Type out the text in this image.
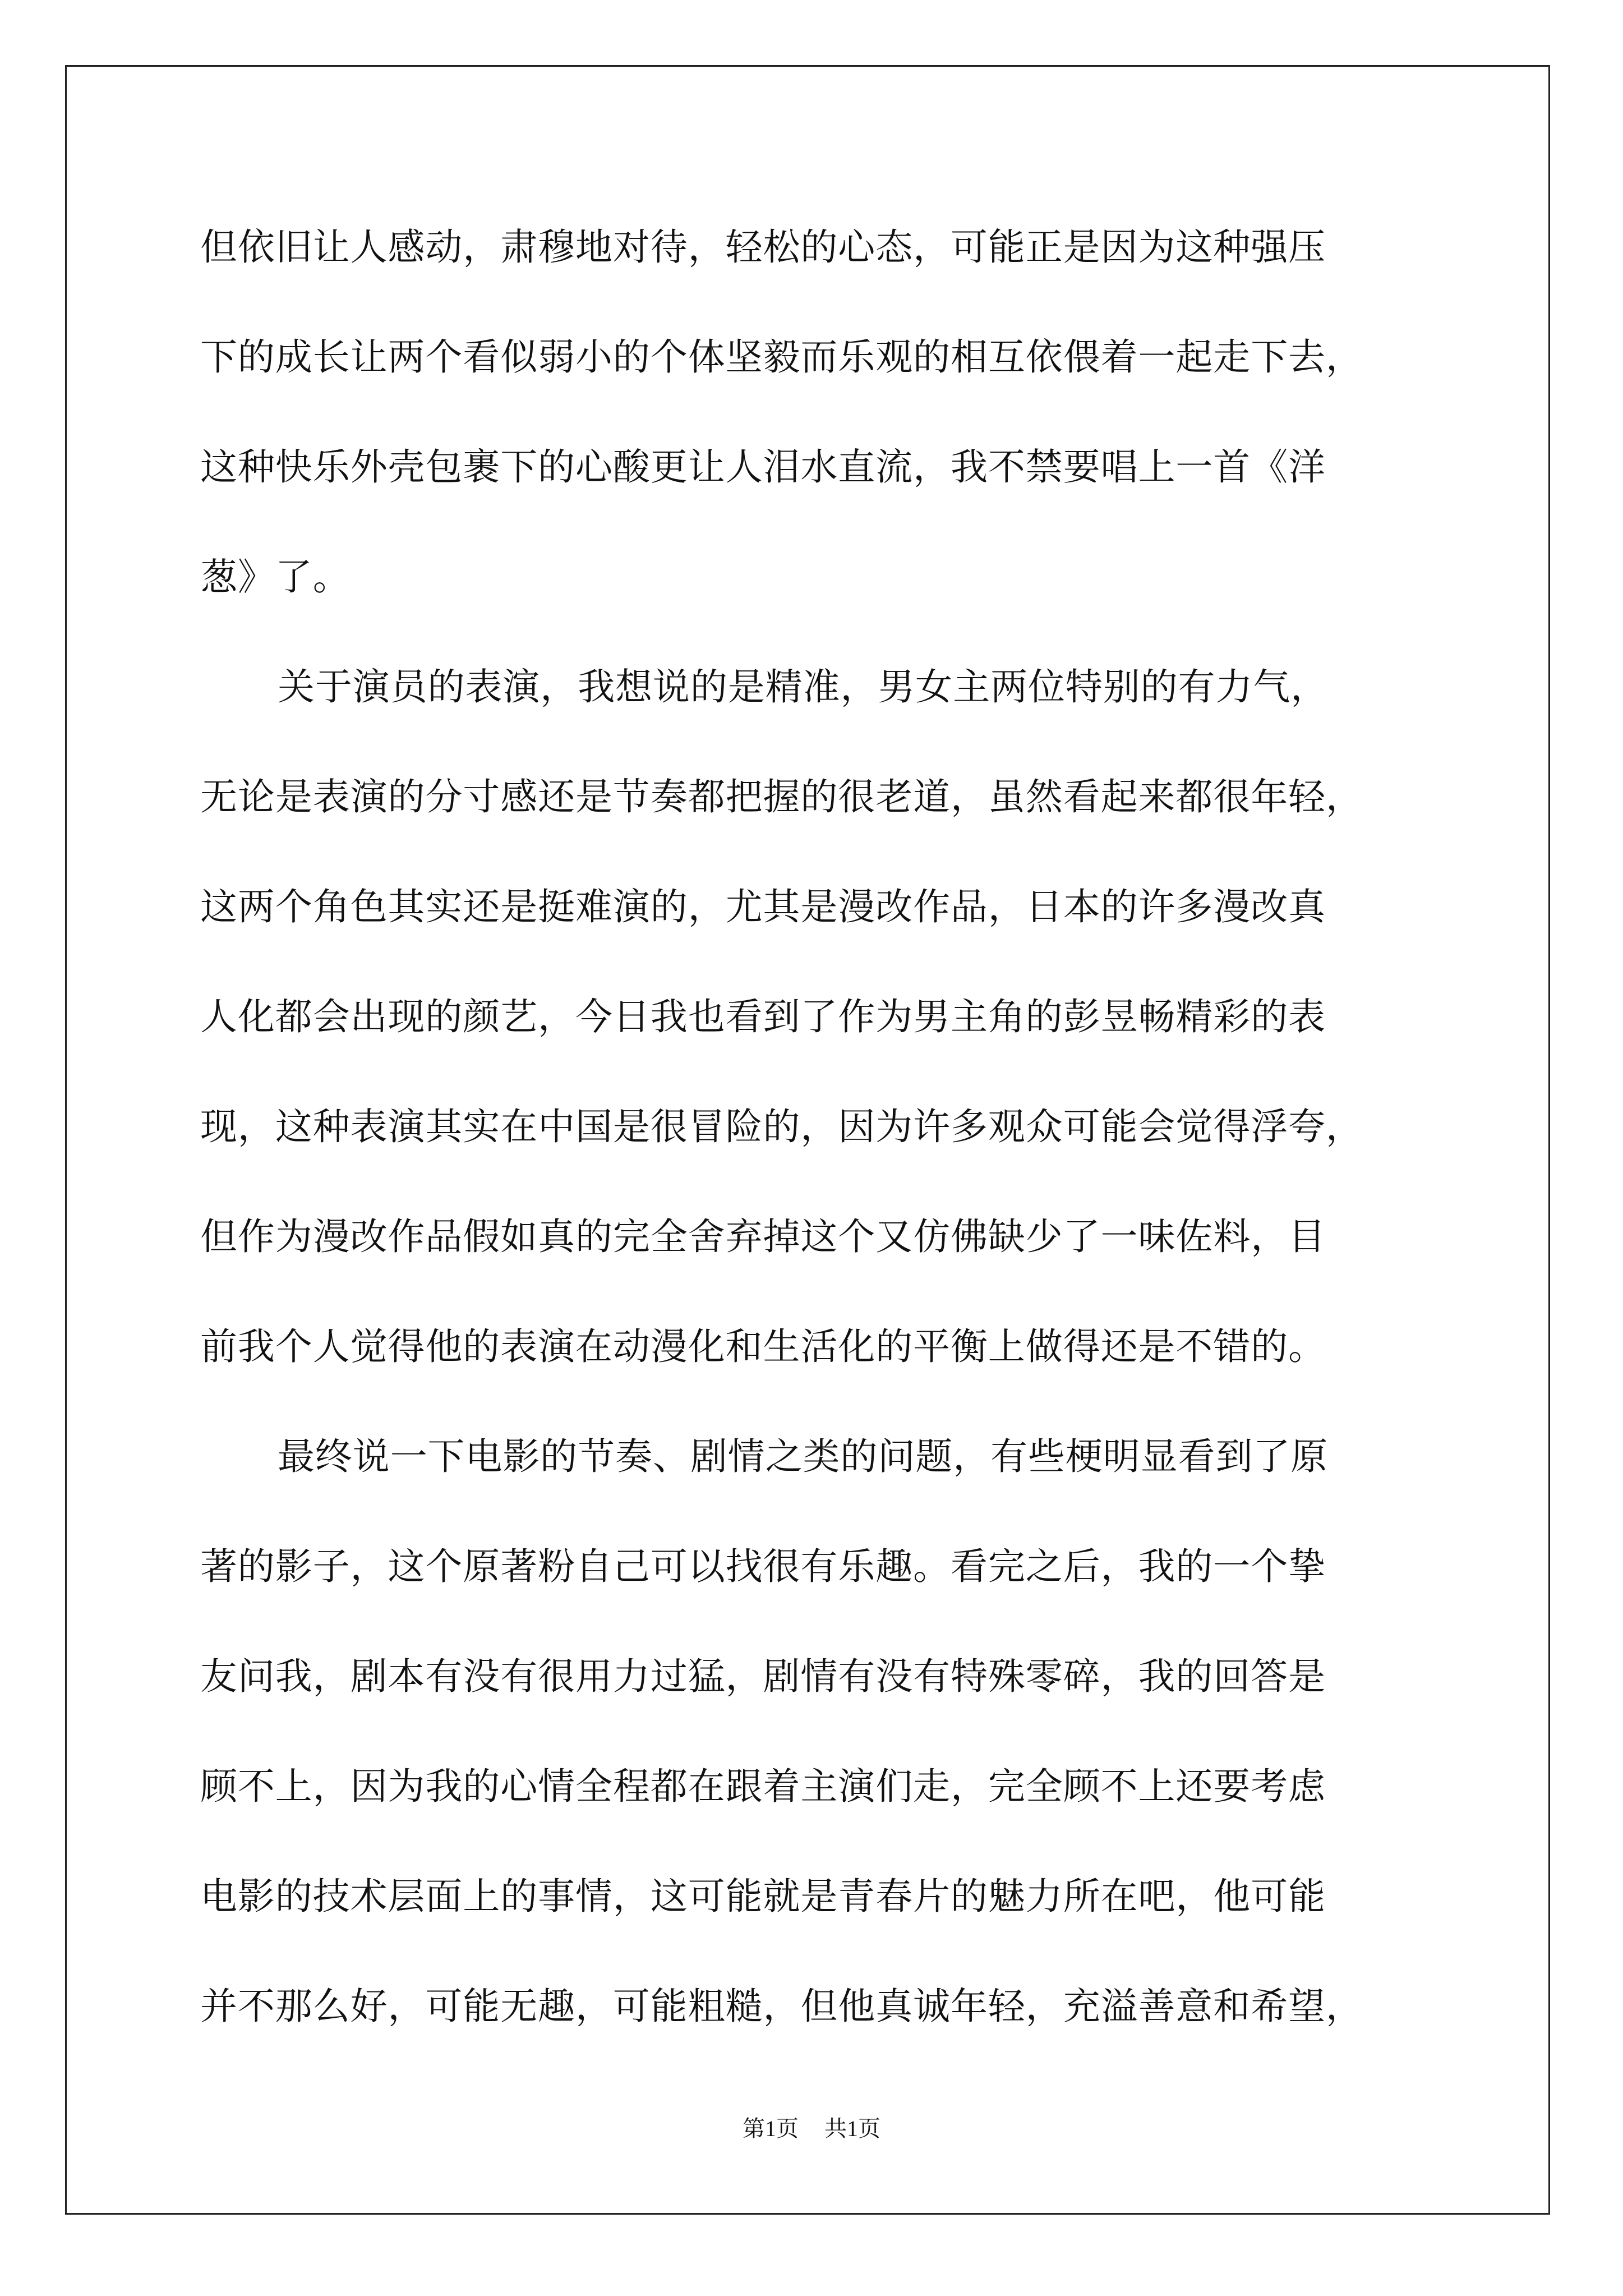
但依旧让人感动，肃穆地对待，轻松的心态，可能正是因为这种强压
下的成长让两个看似弱小的个体坚毅而乐观的相互依偎着一起走下去，
这种快乐外壳包裹下的心酸更让人泪水直流，我不禁要唱上一首《洋
葱》了。
关于演员的表演，我想说的是精准，男女主两位特别的有力气，
无论是表演的分寸感还是节奏都把握的很老道，虽然看起来都很年轻，
这两个角色其实还是挺难演的，尤其是漫改作品，日本的许多漫改真
人化都会出现的颜艺，今日我也看到了作为男主角的彭昱畅精彩的表
现，这种表演其实在中国是很冒险的，因为许多观众可能会觉得浮夸，
但作为漫改作品假如真的完全舍弃掉这个又仿佛缺少了一味佐料，目
前我个人觉得他的表演在动漫化和生活化的平衡上做得还是不错的。
最终说一下电影的节奏、剧情之类的问题，有些梗明显看到了原
著的影子，这个原著粉自己可以找很有乐趣。看完之后，我的一个挚
友问我，剧本有没有很用力过猛，剧情有没有特殊零碎，我的回答是
顾不上，因为我的心情全程都在跟着主演们走，完全顾不上还要考虑
电影的技术层面上的事情，这可能就是青春片的魅力所在吧，他可能
并不那么好，可能无趣，可能粗糙，但他真诚年轻，充溢善意和希望，
第1页 共1页
